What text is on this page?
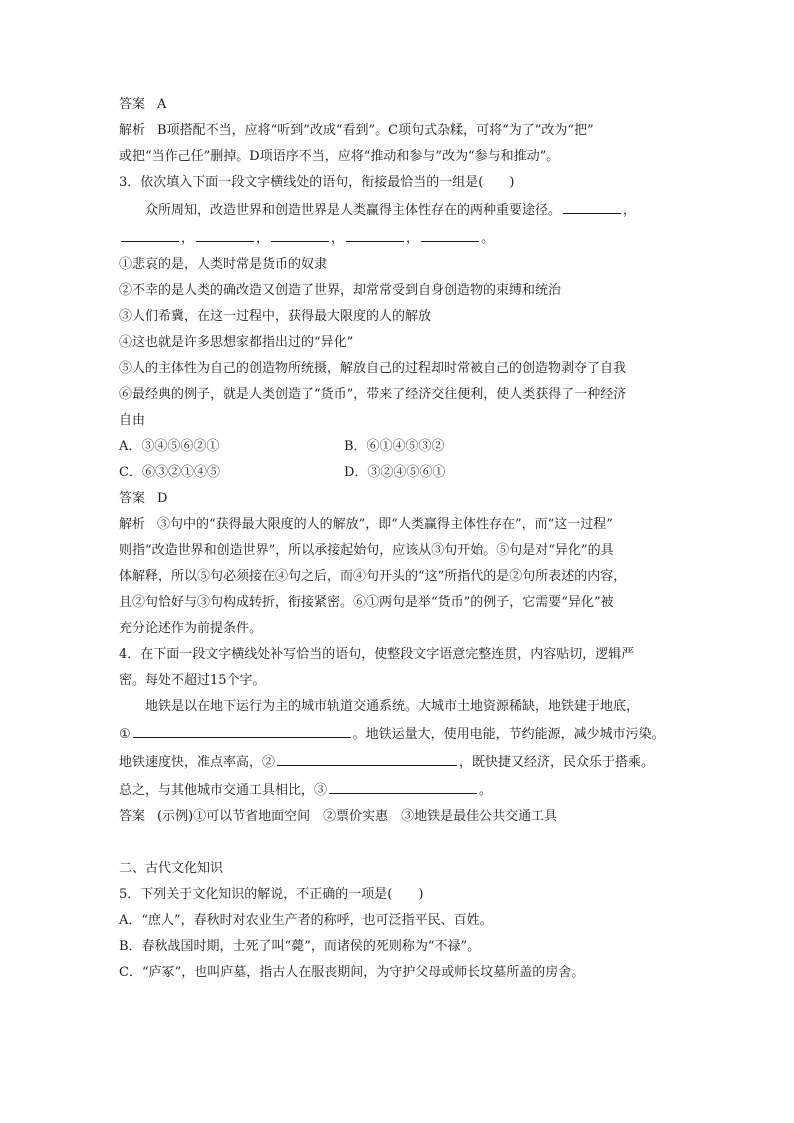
答案 A
解析 B项搭配不当，应将“听到”改成“看到”。C项句式杂糅，可将“为了”改为“把”
或把“当作己任”删掉。D项语序不当，应将“推动和参与”改为“参与和推动”。
3．依次填入下面一段文字横线处的语句，衔接最恰当的一组是(　　)
众所周知，改造世界和创造世界是人类赢得主体性存在的两种重要途径。	，
，	，	，	，	。
①悲哀的是，人类时常是货币的奴隶
②不幸的是人类的确改造又创造了世界，却常常受到自身创造物的束缚和统治
③人们希冀，在这一过程中，获得最大限度的人的解放
④这也就是许多思想家都指出过的“异化”
⑤人的主体性为自己的创造物所统摄，解放自己的过程却时常被自己的创造物剥夺了自我
⑥最经典的例子，就是人类创造了“货币”，带来了经济交往便利，使人类获得了一种经济
自由
A．③④⑤⑥②①	B．⑥①④⑤③②
C．⑥③②①④⑤	D．③②④⑤⑥①
答案 D
解析 ③句中的“获得最大限度的人的解放”，即“人类赢得主体性存在”，而“这一过程”
则指“改造世界和创造世界”，所以承接起始句，应该从③句开始。⑤句是对“异化”的具
体解释，所以⑤句必须接在④句之后，而④句开头的“这”所指代的是②句所表述的内容，
且②句恰好与③句构成转折，衔接紧密。⑥①两句是举“货币”的例子，它需要“异化”被
充分论述作为前提条件。
4．在下面一段文字横线处补写恰当的语句，使整段文字语意完整连贯，内容贴切，逻辑严
密。每处不超过15个字。
地铁是以在地下运行为主的城市轨道交通系统。大城市土地资源稀缺，地铁建于地底，
①	。地铁运量大，使用电能，节约能源，减少城市污染。
地铁速度快，准点率高，②	，既快捷又经济，民众乐于搭乘。
总之，与其他城市交通工具相比，③	。
答案 (示例)①可以节省地面空间　②票价实惠　③地铁是最佳公共交通工具
二、古代文化知识
5．下列关于文化知识的解说，不正确的一项是(　　)
A．“庶人”，春秋时对农业生产者的称呼，也可泛指平民、百姓。
B．春秋战国时期，士死了叫“薨”，而诸侯的死则称为“不禄”。
C．“庐冢”，也叫庐墓，指古人在服丧期间，为守护父母或师长坟墓所盖的房舍。
